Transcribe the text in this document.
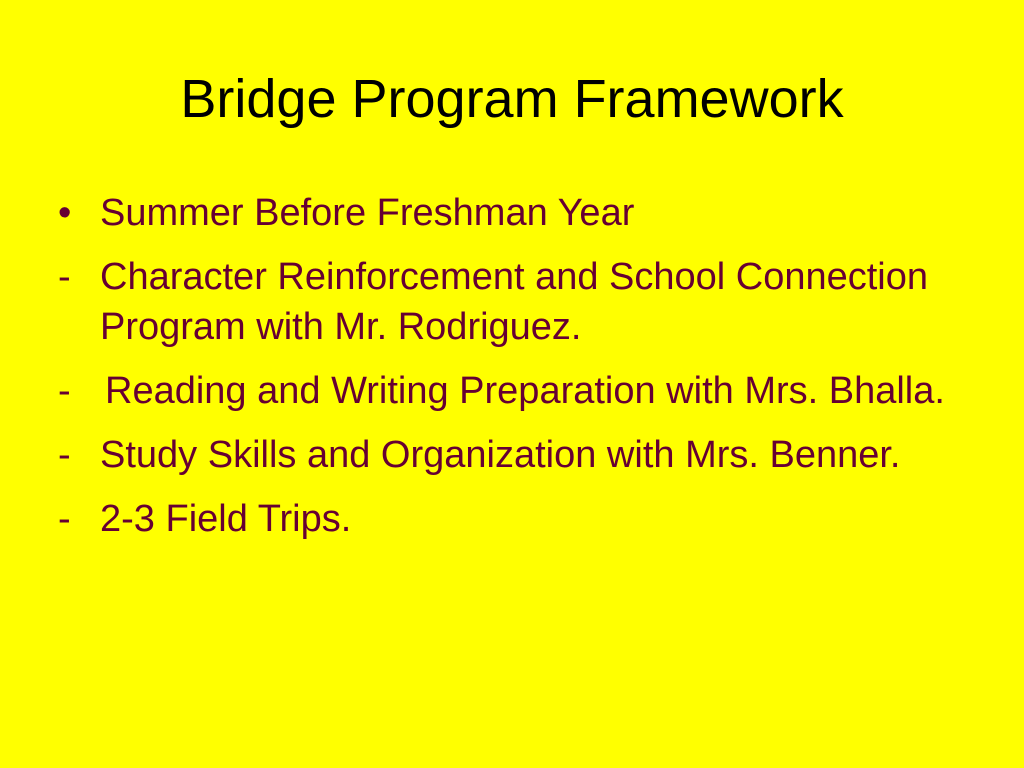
Bridge Program Framework
• Summer Before Freshman Year
- Character Reinforcement and School Connection Program with Mr. Rodriguez.
- Reading and Writing Preparation with Mrs. Bhalla.
- Study Skills and Organization with Mrs. Benner.
- 2-3 Field Trips.
